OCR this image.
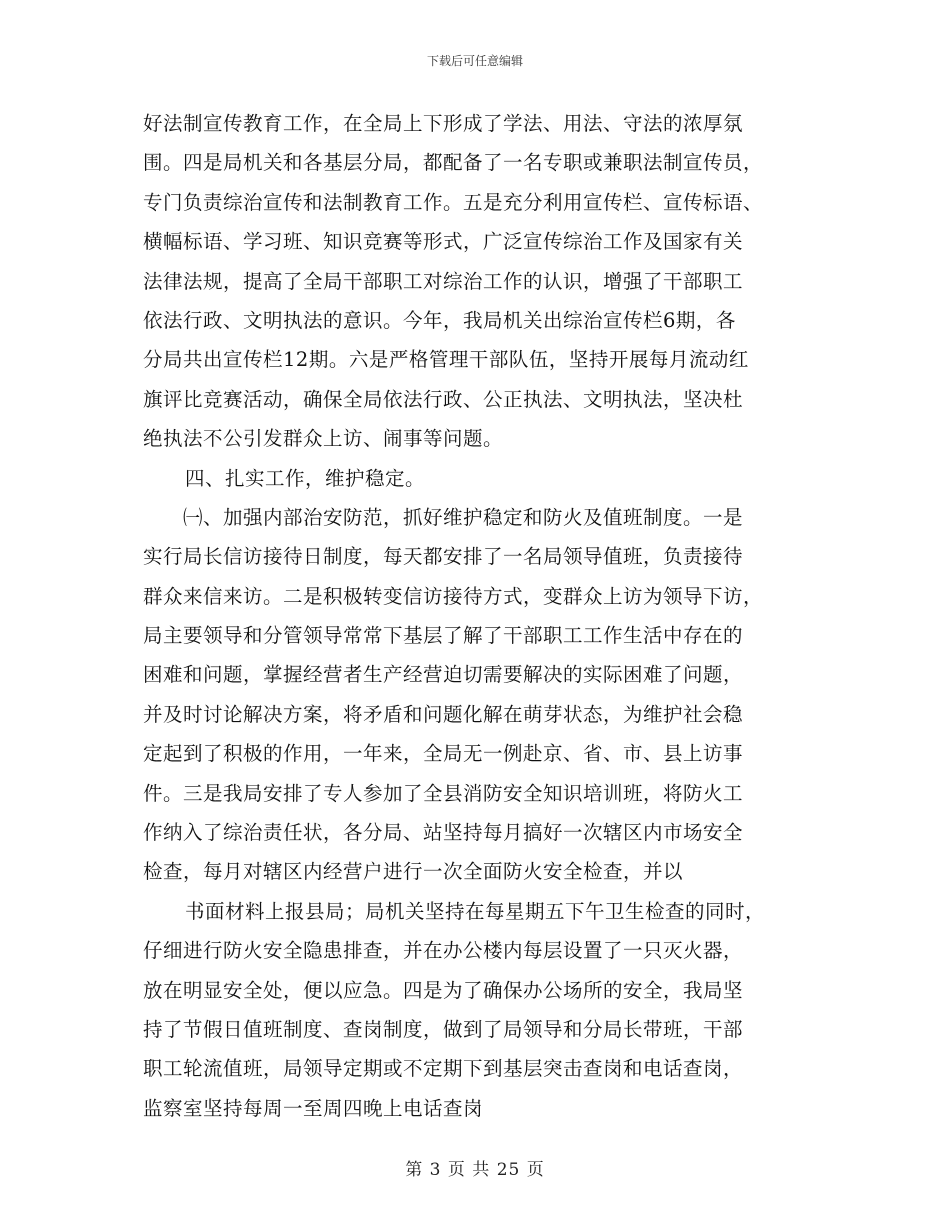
下载后可任意编辑
好法制宣传教育工作，在全局上下形成了学法、用法、守法的浓厚氛
围。四是局机关和各基层分局，都配备了一名专职或兼职法制宣传员，
专门负责综治宣传和法制教育工作。五是充分利用宣传栏、宣传标语、
横幅标语、学习班、知识竞赛等形式，广泛宣传综治工作及国家有关
法律法规，提高了全局干部职工对综治工作的认识，增强了干部职工
依法行政、文明执法的意识。今年，我局机关出综治宣传栏6期，各
分局共出宣传栏12期。六是严格管理干部队伍，坚持开展每月流动红
旗评比竞赛活动，确保全局依法行政、公正执法、文明执法，坚决杜
绝执法不公引发群众上访、闹事等问题。
四、扎实工作，维护稳定。
㈠、加强内部治安防范，抓好维护稳定和防火及值班制度。一是
实行局长信访接待日制度，每天都安排了一名局领导值班，负责接待
群众来信来访。二是积极转变信访接待方式，变群众上访为领导下访，
局主要领导和分管领导常常下基层了解了干部职工工作生活中存在的
困难和问题，掌握经营者生产经营迫切需要解决的实际困难了问题，
并及时讨论解决方案，将矛盾和问题化解在萌芽状态，为维护社会稳
定起到了积极的作用，一年来，全局无一例赴京、省、市、县上访事
件。三是我局安排了专人参加了全县消防安全知识培训班，将防火工
作纳入了综治责任状，各分局、站坚持每月搞好一次辖区内市场安全
检查，每月对辖区内经营户进行一次全面防火安全检查，并以
书面材料上报县局；局机关坚持在每星期五下午卫生检查的同时，
仔细进行防火安全隐患排查，并在办公楼内每层设置了一只灭火器，
放在明显安全处，便以应急。四是为了确保办公场所的安全，我局坚
持了节假日值班制度、查岗制度，做到了局领导和分局长带班，干部
职工轮流值班，局领导定期或不定期下到基层突击查岗和电话查岗，
监察室坚持每周一至周四晚上电话查岗
第 3 页 共 25 页
